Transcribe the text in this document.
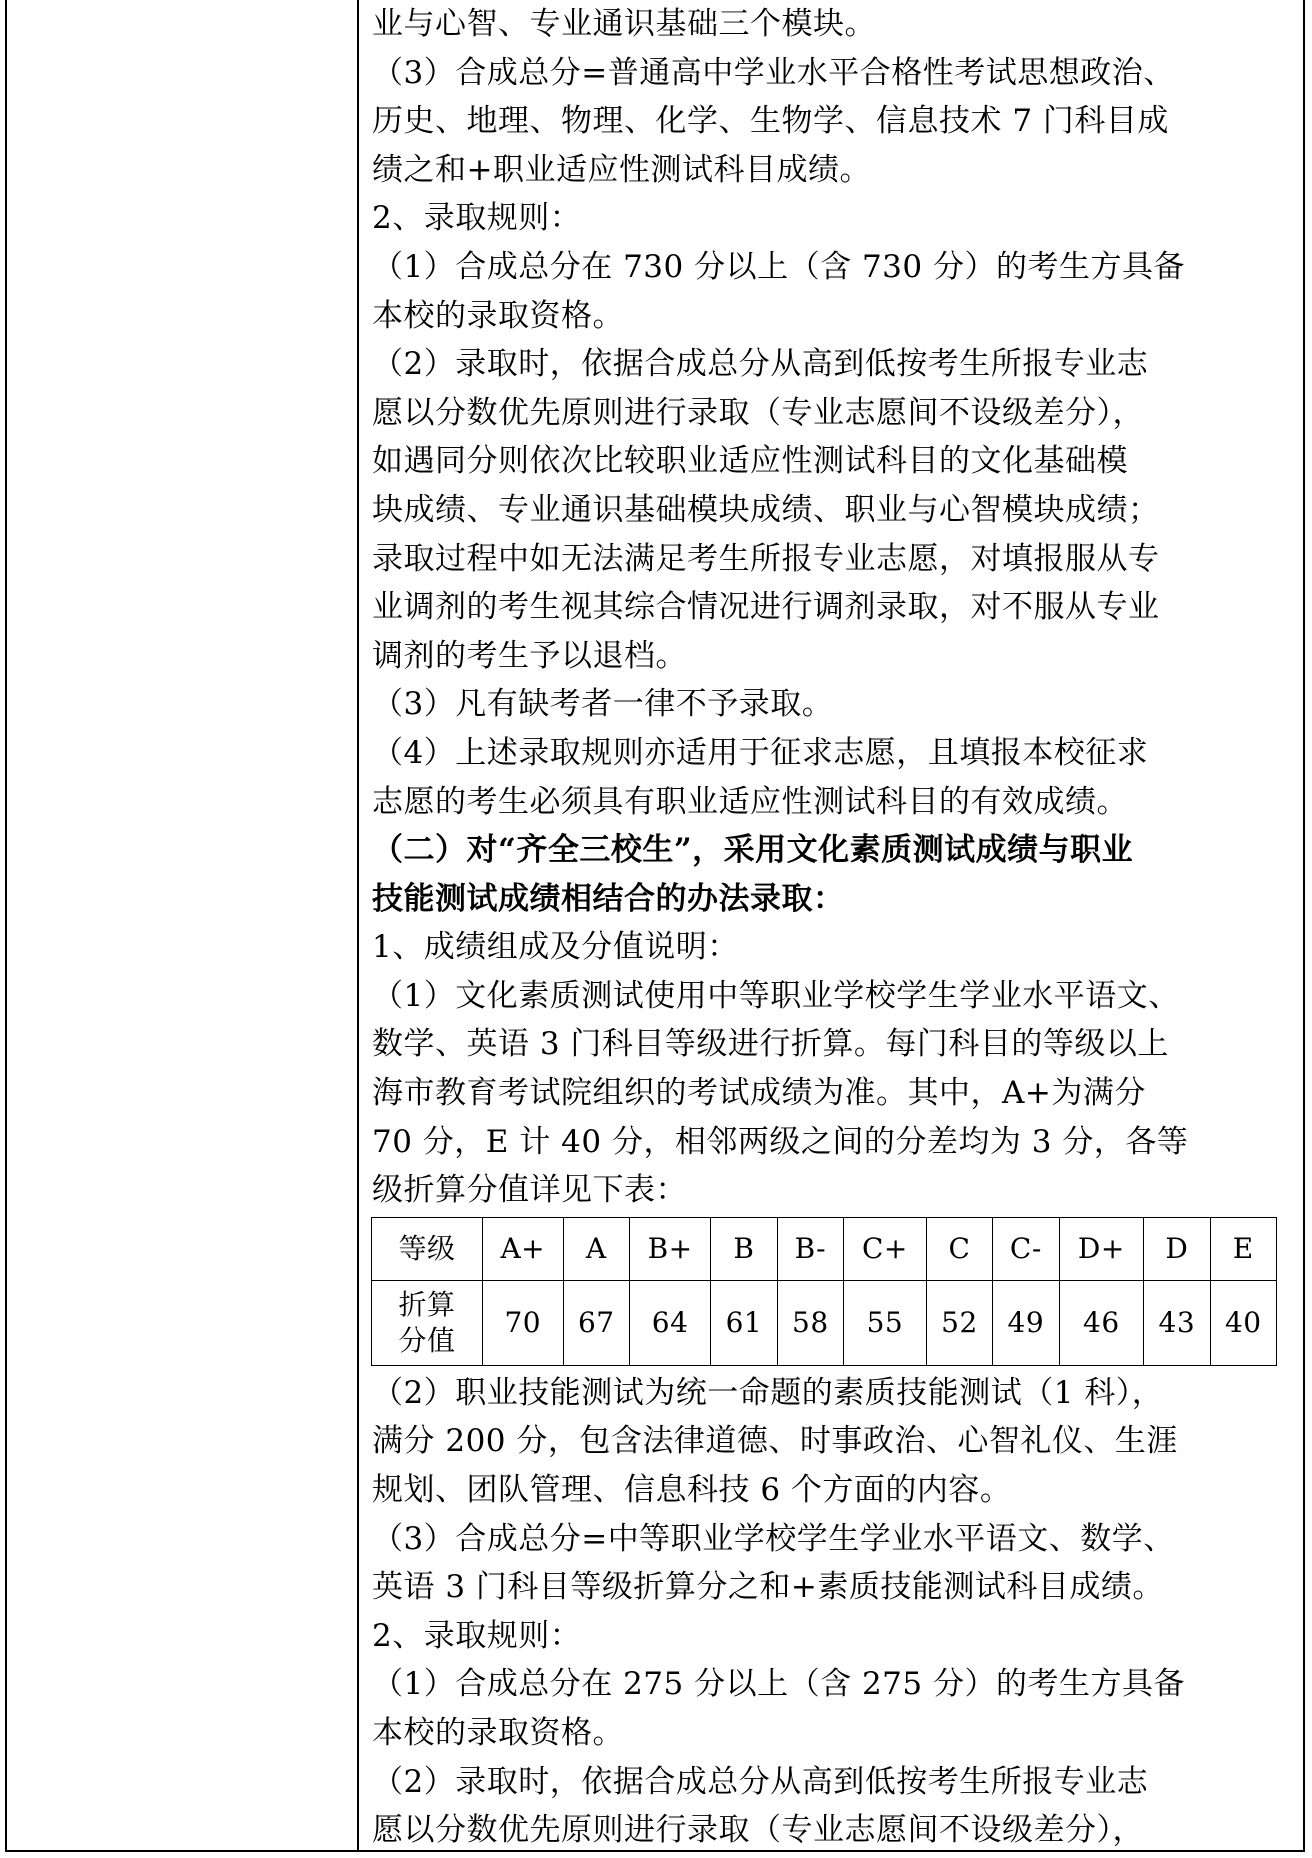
业与心智、专业通识基础三个模块。
（3）合成总分=普通高中学业水平合格性考试思想政治、
历史、地理、物理、化学、生物学、信息技术 7 门科目成
绩之和+职业适应性测试科目成绩。
2、录取规则：
（1）合成总分在 730 分以上（含 730 分）的考生方具备
本校的录取资格。
（2）录取时，依据合成总分从高到低按考生所报专业志
愿以分数优先原则进行录取（专业志愿间不设级差分），
如遇同分则依次比较职业适应性测试科目的文化基础模
块成绩、专业通识基础模块成绩、职业与心智模块成绩；
录取过程中如无法满足考生所报专业志愿，对填报服从专
业调剂的考生视其综合情况进行调剂录取，对不服从专业
调剂的考生予以退档。
（3）凡有缺考者一律不予录取。
（4）上述录取规则亦适用于征求志愿，且填报本校征求
志愿的考生必须具有职业适应性测试科目的有效成绩。
（二）对“齐全三校生”，采用文化素质测试成绩与职业
技能测试成绩相结合的办法录取：
1、成绩组成及分值说明：
（1）文化素质测试使用中等职业学校学生学业水平语文、
数学、英语 3 门科目等级进行折算。每门科目的等级以上
海市教育考试院组织的考试成绩为准。其中，A+为满分
70 分，E 计 40 分，相邻两级之间的分差均为 3 分，各等
级折算分值详见下表：
等级	A+	A	B+	B	B-	C+	C	C-	D+	D	E

折算
分值	70	67	64	61	58	55	52	49	46	43	40
（2）职业技能测试为统一命题的素质技能测试（1 科），
满分 200 分，包含法律道德、时事政治、心智礼仪、生涯
规划、团队管理、信息科技 6 个方面的内容。
（3）合成总分=中等职业学校学生学业水平语文、数学、
英语 3 门科目等级折算分之和+素质技能测试科目成绩。
2、录取规则：
（1）合成总分在 275 分以上（含 275 分）的考生方具备
本校的录取资格。
（2）录取时，依据合成总分从高到低按考生所报专业志
愿以分数优先原则进行录取（专业志愿间不设级差分），
